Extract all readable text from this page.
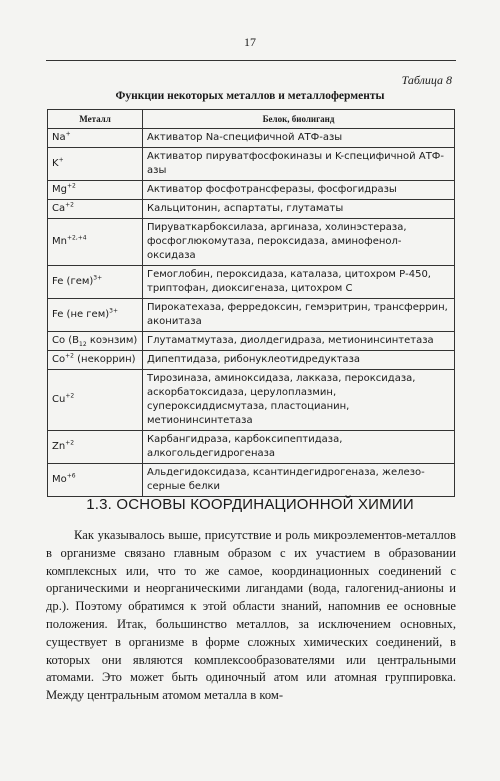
17
Таблица 8
Функции некоторых металлов и металлоферменты
Металл	Белок, биолиганд
Na+	Активатор Na-специфичной АТФ-азы
K+	Активатор пируватфосфокиназы и K-специфичной АТФ-азы
$Mg^{+2}$	Активатор фосфотрансферазы, фосфогидразы
$Ca^{+2}$	Кальцитонин, аспартаты, глутаматы
$Mn^{+2,+4}$	Пируваткарбоксилаза, аргиназа, холинэстераза, фосфоглюкомутаза, пероксидаза, аминофенол-оксидаза
Fe (гем)$^{3+}$	Гемоглобин, пероксидаза, каталаза, цитохром Р-450, триптофан, диоксигеназа, цитохром С
Fe (не гем)$^{3+}$	Пирокатехаза, ферредоксин, гемэритрин, трансферрин, аконитаза
Co ($B_{12}$ коэнзим)	Глутаматмутаза, диолдегидраза, метионинсинтетаза
$Co^{+2}$ (некоррин)	Дипептидаза, рибонуклеотидредуктаза
$Cu^{+2}$	Тирозиназа, аминоксидаза, лакказа, пероксидаза, аскорбатоксидаза, церулоплазмин, супероксиддисмутаза, пластоцианин, метионинсинтетаза
$Zn^{+2}$	Карбангидраза, карбоксипептидаза, алкогольдегидрогеназа
$Mo^{+6}$	Альдегидоксидаза, ксантиндегидрогеназа, железо-серные белки
1.3. ОСНОВЫ КООРДИНАЦИОННОЙ ХИМИИ

Как указывалось выше, присутствие и роль микроэлементов-металлов в организме связано главным образом с их участием в образовании комплексных или, что то же самое, координационных соединений с органическими и неорганическими лигандами (вода, галогенид-анионы и др.). Поэтому обратимся к этой области знаний, напомнив ее основные положения. Итак, большинство металлов, за исключением основных, существует в организме в форме сложных химических соединений, в которых они являются комплексообразователями или центральными атомами. Это может быть одиночный атом или атомная группировка. Между центральным атомом металла в ком-
